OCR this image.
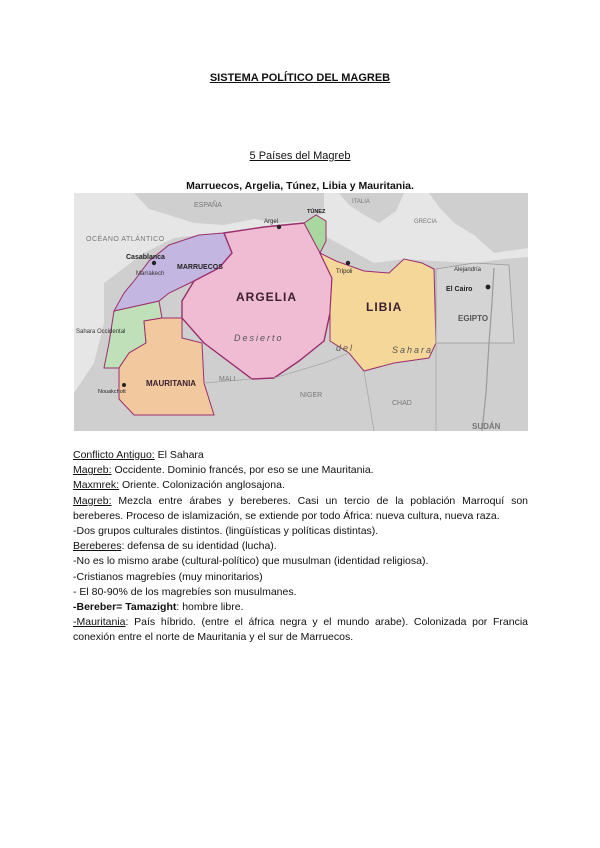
SISTEMA POLÍTICO DEL MAGREB
5 Países del Magreb
Marruecos, Argelia, Túnez, Libia y Mauritania.
ESPAÑA
OCÉANO ATLÁNTICO
Casablanca
MARRUECOS
Marrakech
ARGELIA
LIBIA
MAURITANIA
Sahara Occidental
Desierto
del	Sahara
EGIPTO
El Cairo
Alejandría
GRECIA
ITALIA
MALI
NIGER
CHAD
SUDÁN
Argel
TÚNEZ
Trípoli
Nouakchott

Conflicto Antiguo: El Sahara

Magreb: Occidente. Dominio francés, por eso se une Mauritania.

Maxmrek: Oriente. Colonización anglosajona.

Magreb: Mezcla entre árabes y bereberes. Casi un tercio de la población Marroquí son bereberes. Proceso de islamización, se extiende por todo África: nueva cultura, nueva raza.

-Dos grupos culturales distintos. (lingüísticas y políticas distintas).

Bereberes: defensa de su identidad (lucha).

-No es lo mismo arabe (cultural-político) que musulman (identidad religiosa).

-Cristianos magrebíes (muy minoritarios)

- El 80-90% de los magrebíes son musulmanes.

-Bereber= Tamazight: hombre libre.

-Mauritania: País híbrido. (entre el áfrica negra y el mundo arabe). Colonizada por Francia conexión entre el norte de Mauritania y el sur de Marruecos.
